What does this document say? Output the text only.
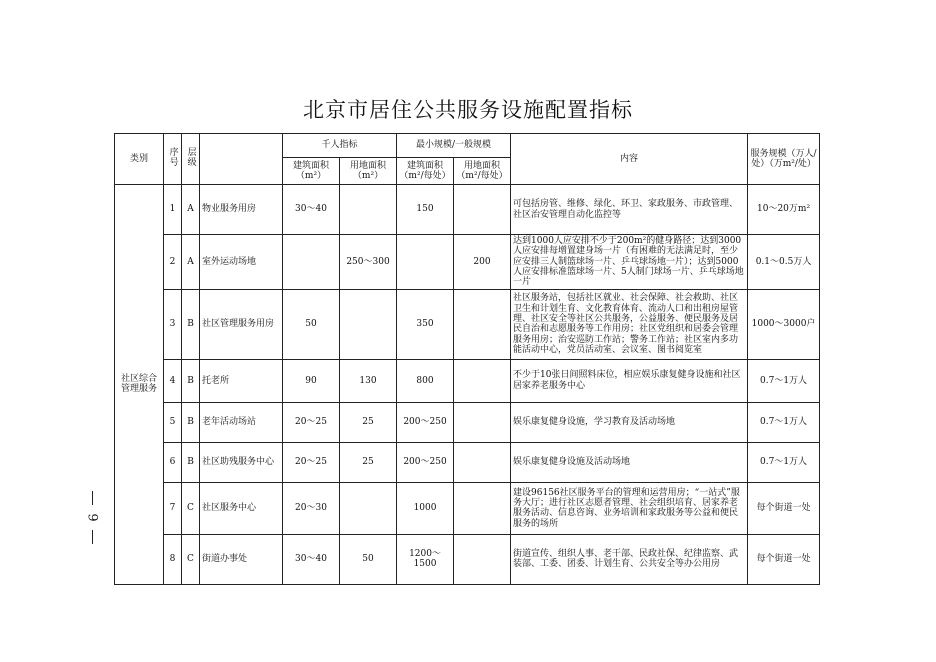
北京市居住公共服务设施配置指标
类别	序号	层级		千人指标		最小规模/一般规模		内容	服务规模（万人/处）（万m²/处）
				建筑面积（m²）	用地面积（m²）	建筑面积（m²/每处）	用地面积（m²/每处）		
社区综合管理服务	1	A	物业服务用房	30～40		150		可包括房管、维修、绿化、环卫、家政服务、市政管理、社区治安管理自动化监控等	10～20万m²
	2	A	室外运动场地		250～300		200	达到1000人应安排不少于200m²的健身路径；达到3000人应安排每增置建身场一片（有困难的无法满足时，至少应安排三人制篮球场一片、乒乓球场地一片）；达到5000人应安排标准篮球场一片、5人制门球场一片、乒乓球场地一片	0.1～0.5万人
	3	B	社区管理服务用房	50		350		社区服务站，包括社区就业、社会保障、社会救助、社区卫生和计划生育、文化教育体育、流动人口和出租房屋管理、社区安全等社区公共服务，公益服务、便民服务及居民自治和志愿服务等工作用房；社区党组织和居委会管理服务用房；治安巡防工作站；警务工作站；社区室内多功能活动中心，党员活动室、会议室、图书阅览室	1000～3000户
	4	B	托老所	90	130	800		不少于10张日间照料床位，相应娱乐康复健身设施和社区居家养老服务中心	0.7～1万人
	5	B	老年活动场站	20～25	25	200～250		娱乐康复健身设施，学习教育及活动场地	0.7～1万人
	6	B	社区助残服务中心	20～25	25	200～250		娱乐康复健身设施及活动场地	0.7～1万人
	7	C	社区服务中心	20～30		1000		建设96156社区服务平台的管理和运营用房；“一站式”服务大厅；进行社区志愿者管理、社会组织培育、居家养老服务活动、信息咨询、业务培训和家政服务等公益和便民服务的场所	每个街道一处
	8	C	街道办事处	30～40	50	1200～1500		街道宣传、组织人事、老干部、民政社保、纪律监察、武装部、工委、团委、计划生育、公共安全等办公用房	每个街道一处
9
